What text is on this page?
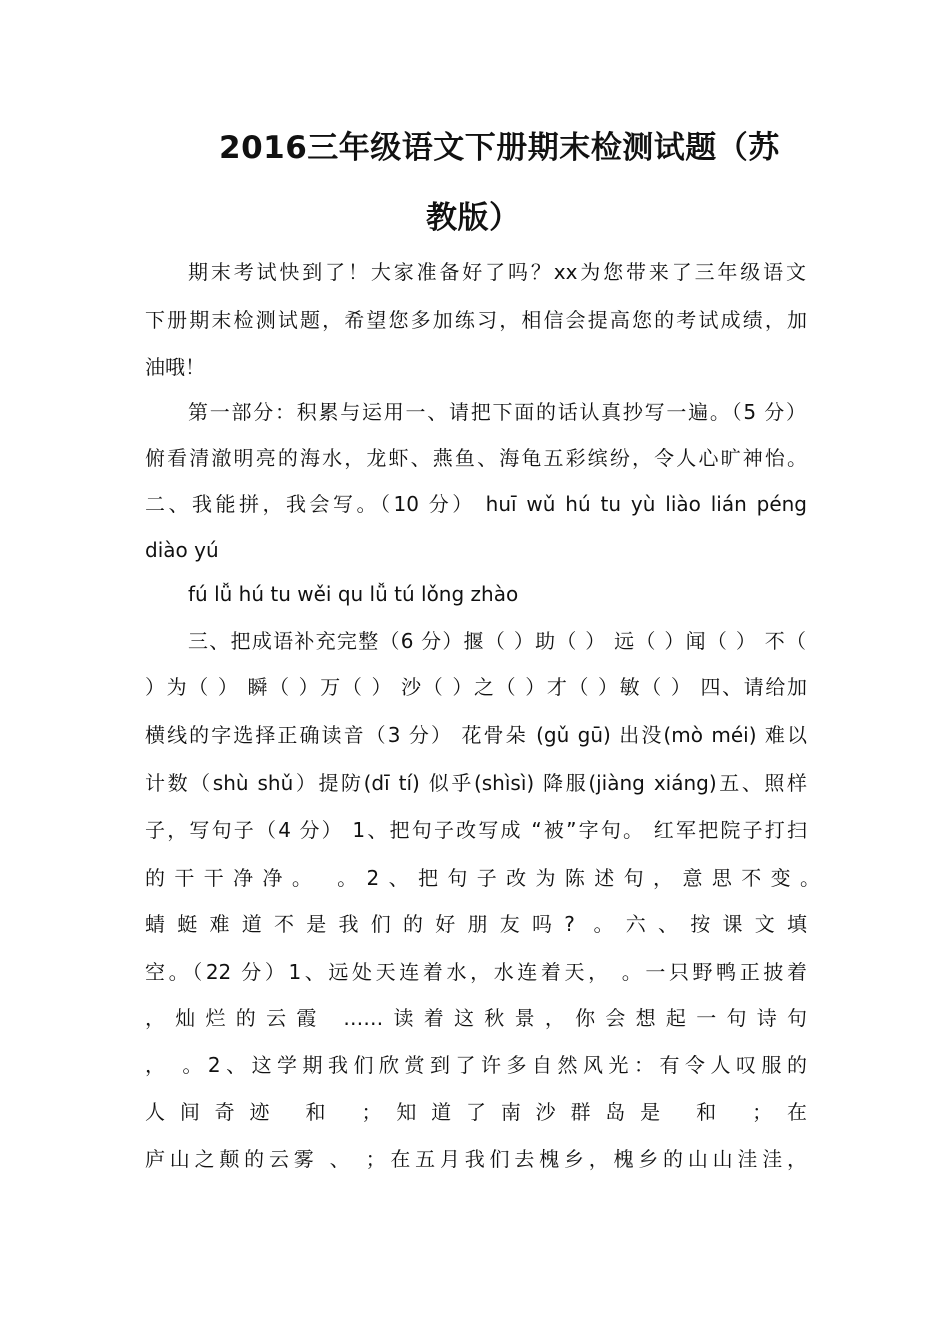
2016三年级语文下册期末检测试题（苏
教版）
期末考试快到了！大家准备好了吗？xx为您带来了三年级语文
下册期末检测试题，希望您多加练习，相信会提高您的考试成绩，加
油哦！
第一部分：积累与运用一、请把下面的话认真抄写一遍。（5 分）
俯看清澈明亮的海水，龙虾、燕鱼、海龟五彩缤纷，令人心旷神怡。
二、我能拼，我会写。（10 分） huī wǔ hú tu yù liào lián péng
diào yú
fú lǚ hú tu wěi qu lǚ tú lǒng zhào
三、把成语补充完整（6 分）揠（ ）助（ ） 远（ ）闻（ ） 不（
）为（ ） 瞬（ ）万（ ） 沙（ ）之（ ）才（ ）敏（ ） 四、请给加
横线的字选择正确读音（3 分） 花骨朵 (gǔ gū) 出没(mò méi) 难以
计数（shù shǔ）提防(dī tí) 似乎(shìsì) 降服(jiàng xiáng)五、照样
子，写句子（4 分） 1、把句子改写成 “被”字句。 红军把院子打扫
的干干净净。 。2、把句子改为陈述句，意思不变。
蜻蜓难道不是我们的好朋友吗? 。六、按课文填
空。（22 分）1、远处天连着水，水连着天， 。一只野鸭正披着
，灿烂的云霞 ……读着这秋景，你会想起一句诗句
， 。2、这学期我们欣赏到了许多自然风光：有令人叹服的
人间奇迹 和 ；知道了南沙群岛是 和 ；在
庐山之颠的云雾 、 ；在五月我们去槐乡，槐乡的山山洼洼，
